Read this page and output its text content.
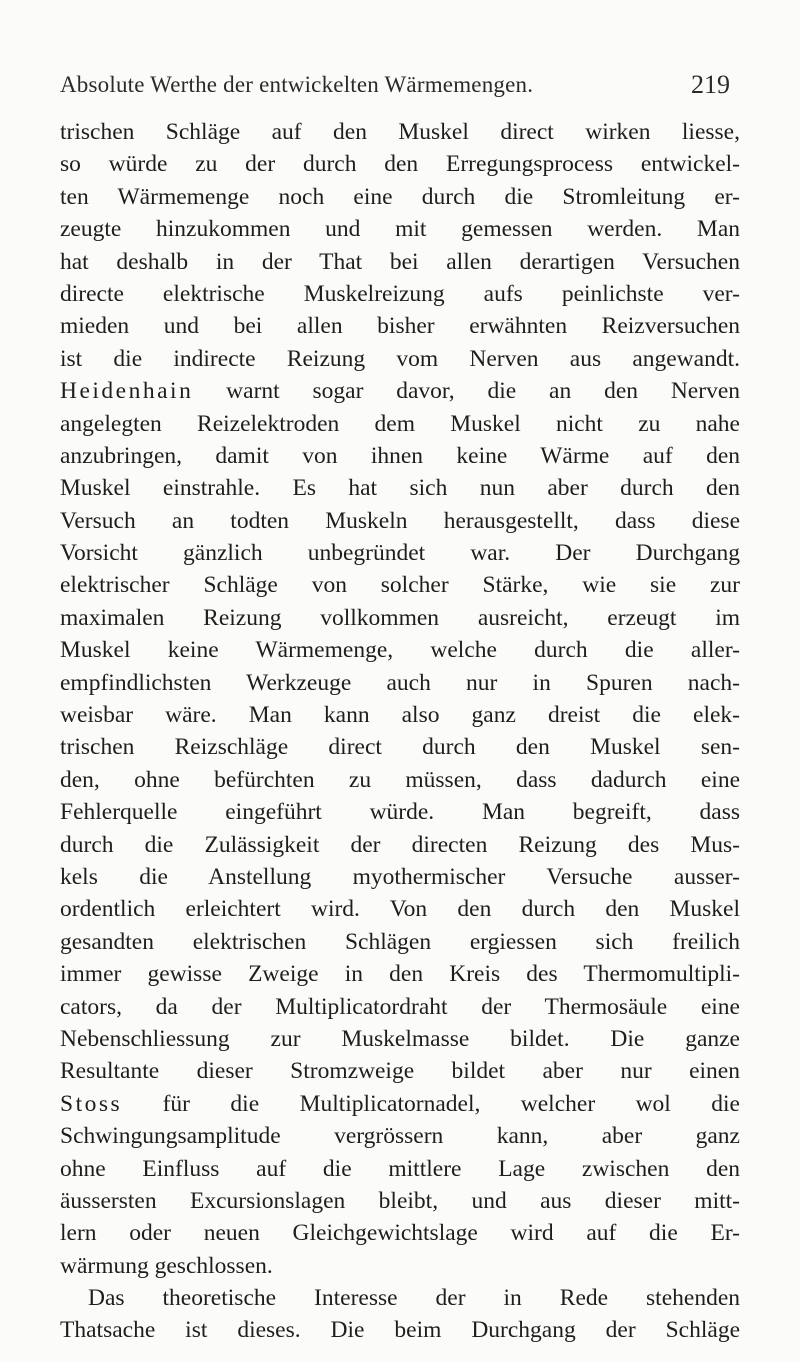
Absolute Werthe der entwickelten Wärmemengen.	219
trischen Schläge auf den Muskel direct wirken liesse,
so würde zu der durch den Erregungsprocess entwickel-
ten Wärmemenge noch eine durch die Stromleitung er-
zeugte hinzukommen und mit gemessen werden. Man
hat deshalb in der That bei allen derartigen Versuchen
directe elektrische Muskelreizung aufs peinlichste ver-
mieden und bei allen bisher erwähnten Reizversuchen
ist die indirecte Reizung vom Nerven aus angewandt.
Heidenhain warnt sogar davor, die an den Nerven
angelegten Reizelektroden dem Muskel nicht zu nahe
anzubringen, damit von ihnen keine Wärme auf den
Muskel einstrahle. Es hat sich nun aber durch den
Versuch an todten Muskeln herausgestellt, dass diese
Vorsicht gänzlich unbegründet war. Der Durchgang
elektrischer Schläge von solcher Stärke, wie sie zur
maximalen Reizung vollkommen ausreicht, erzeugt im
Muskel keine Wärmemenge, welche durch die aller-
empfindlichsten Werkzeuge auch nur in Spuren nach-
weisbar wäre. Man kann also ganz dreist die elek-
trischen Reizschläge direct durch den Muskel sen-
den, ohne befürchten zu müssen, dass dadurch eine
Fehlerquelle eingeführt würde. Man begreift, dass
durch die Zulässigkeit der directen Reizung des Mus-
kels die Anstellung myothermischer Versuche ausser-
ordentlich erleichtert wird. Von den durch den Muskel
gesandten elektrischen Schlägen ergiessen sich freilich
immer gewisse Zweige in den Kreis des Thermomultipli-
cators, da der Multiplicatordraht der Thermosäule eine
Nebenschliessung zur Muskelmasse bildet. Die ganze
Resultante dieser Stromzweige bildet aber nur einen
Stoss für die Multiplicatornadel, welcher wol die
Schwingungsamplitude vergrössern kann, aber ganz
ohne Einfluss auf die mittlere Lage zwischen den
äussersten Excursionslagen bleibt, und aus dieser mitt-
lern oder neuen Gleichgewichtslage wird auf die Er-
wärmung geschlossen.
Das theoretische Interesse der in Rede stehenden
Thatsache ist dieses. Die beim Durchgang der Schläge
